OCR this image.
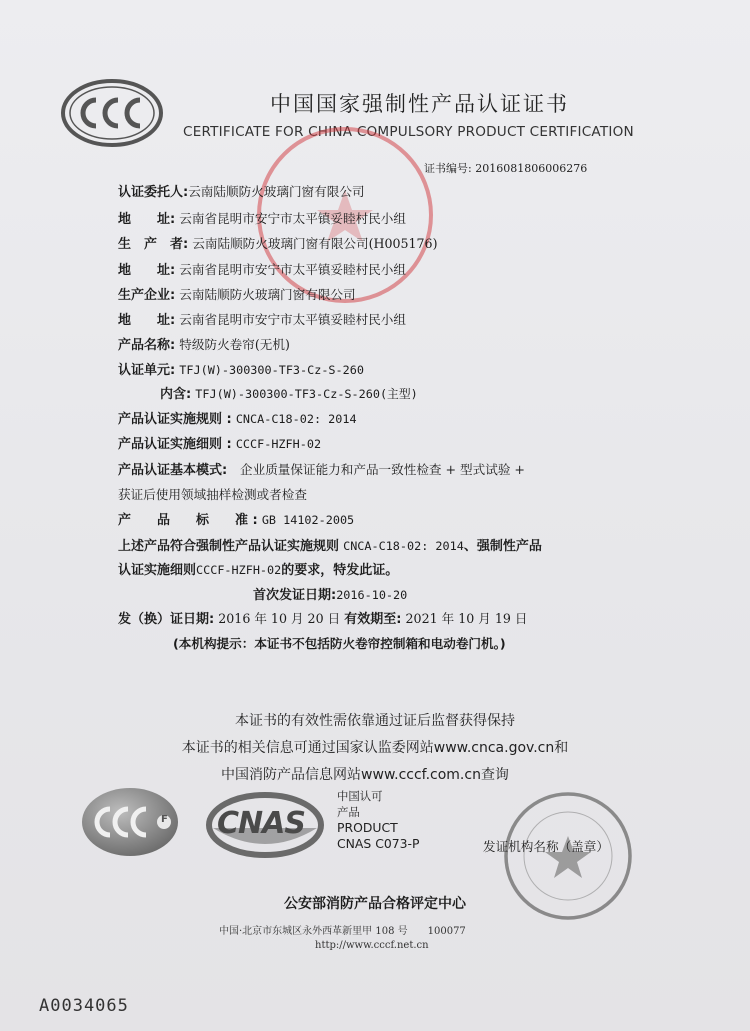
中国国家强制性产品认证证书
CERTIFICATE FOR CHINA COMPULSORY PRODUCT CERTIFICATION
证书编号: 2016081806006276
认证委托人:云南陆顺防火玻璃门窗有限公司
地　　址: 云南省昆明市安宁市太平镇妥睦村民小组
生　产　者: 云南陆顺防火玻璃门窗有限公司(H005176)
地　　址: 云南省昆明市安宁市太平镇妥睦村民小组
生产企业: 云南陆顺防火玻璃门窗有限公司
地　　址: 云南省昆明市安宁市太平镇妥睦村民小组
产品名称: 特级防火卷帘(无机)
认证单元: TFJ(W)-300300-TF3-Cz-S-260
内含: TFJ(W)-300300-TF3-Cz-S-260(主型)
产品认证实施规则 : CNCA-C18-02: 2014
产品认证实施细则 : CCCF-HZFH-02
产品认证基本模式:　 企业质量保证能力和产品一致性检查 + 型式试验 +
获证后使用领域抽样检测或者检查
产　　品　　标　　准 : GB 14102-2005
上述产品符合强制性产品认证实施规则 CNCA-C18-02: 2014、强制性产品
认证实施细则CCCF-HZFH-02的要求，特发此证。
首次发证日期:2016-10-20
发（换）证日期: 2016 年 10 月 20 日 有效期至: 2021 年 10 月 19 日
(本机构提示：本证书不包括防火卷帘控制箱和电动卷门机。)
本证书的有效性需依靠通过证后监督获得保持
本证书的相关信息可通过国家认监委网站www.cnca.gov.cn和
中国消防产品信息网站www.cccf.com.cn查询
F CNAS
中国认可
产品
PRODUCT
CNAS C073-P	发证机构名称（盖章）
公安部消防产品合格评定中心
中国·北京市东城区永外西革新里甲 108 号　　100077
http://www.cccf.net.cn
A0034065
